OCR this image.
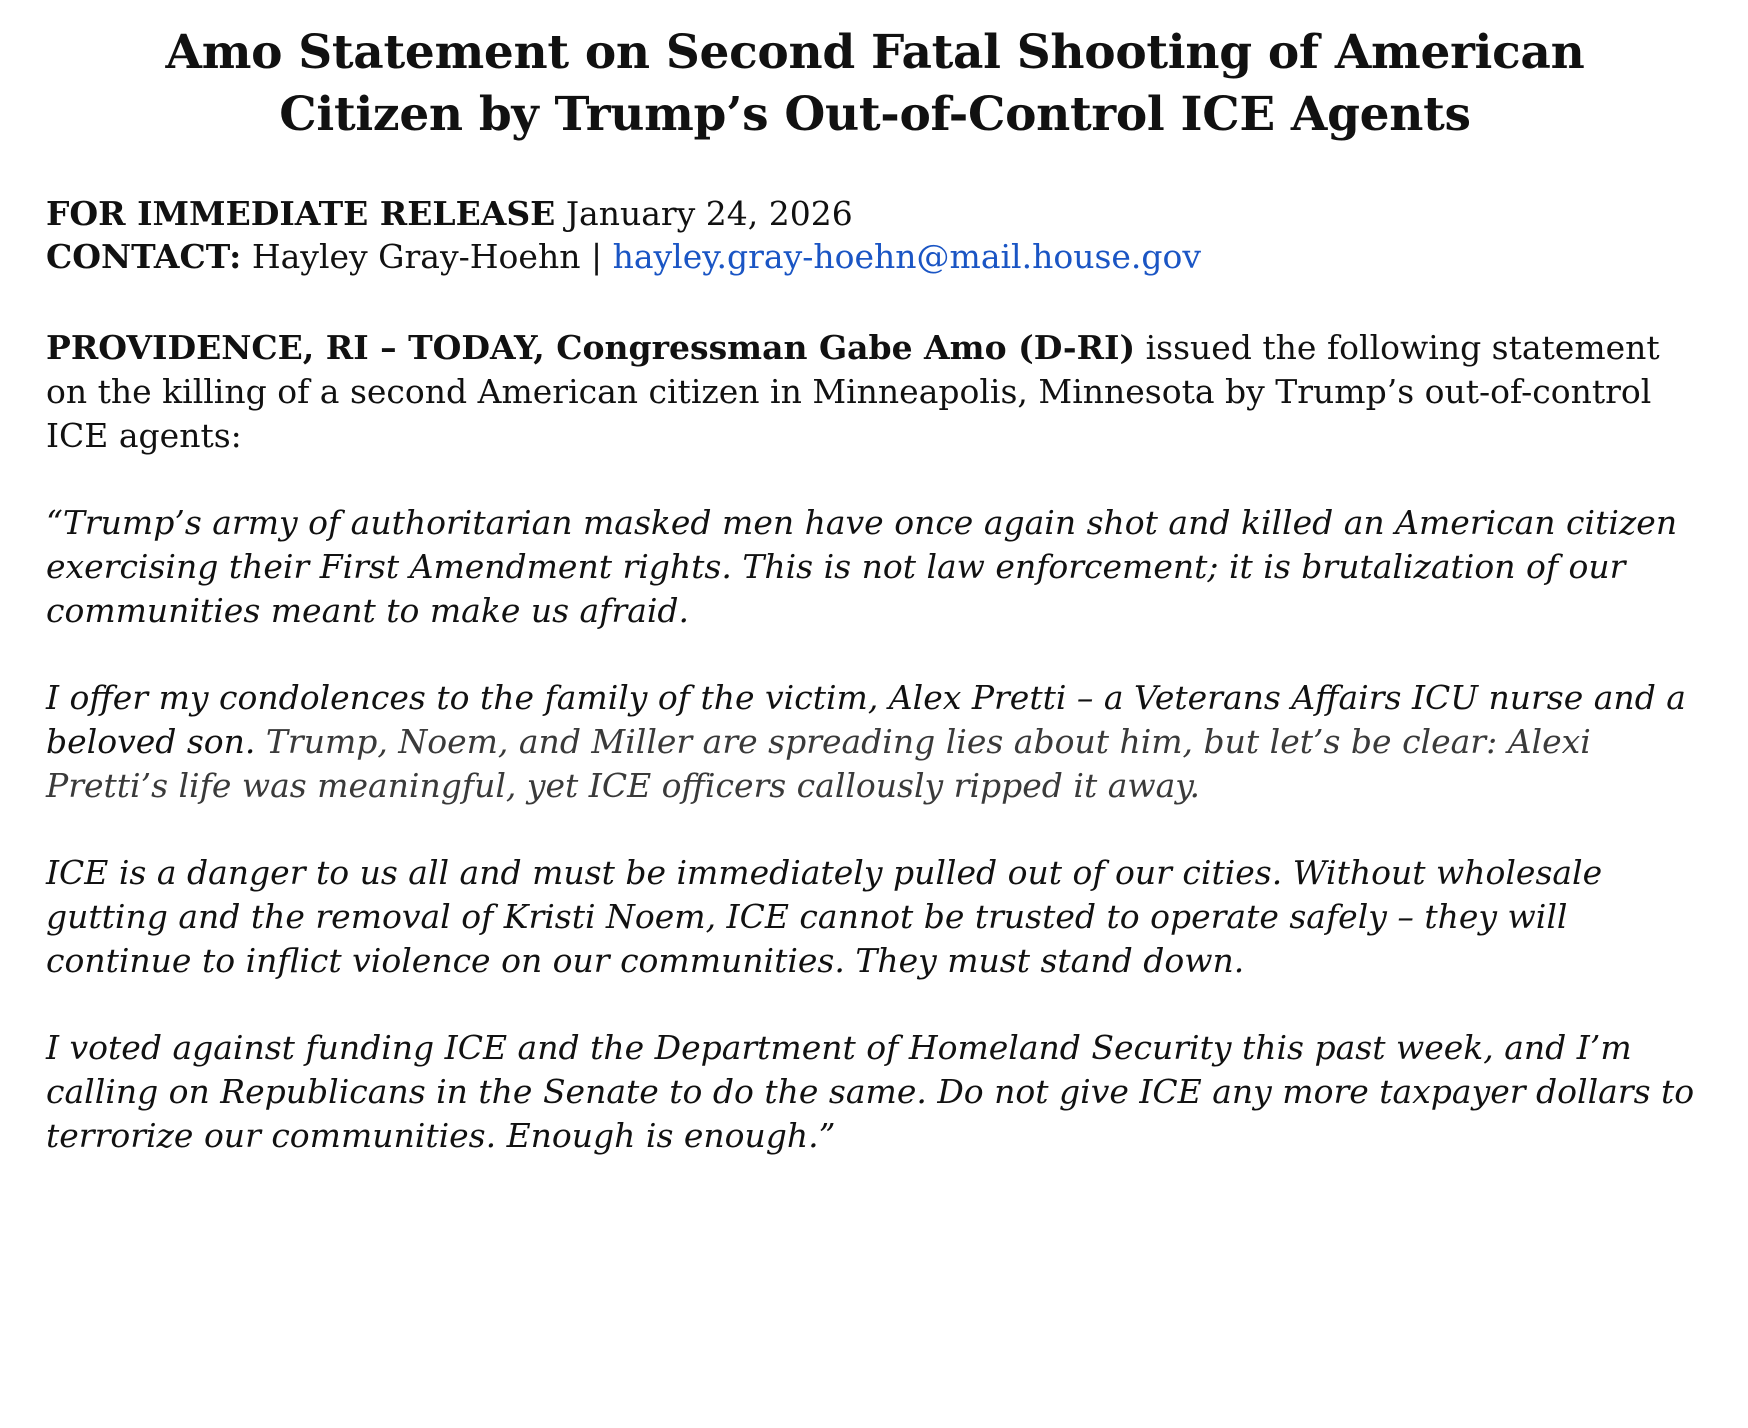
Amo Statement on Second Fatal Shooting of American Citizen by Trump’s Out-of-Control ICE Agents
FOR IMMEDIATE RELEASE January 24, 2026
CONTACT: Hayley Gray-Hoehn | hayley.gray-hoehn@mail.house.gov

PROVIDENCE, RI – TODAY, Congressman Gabe Amo (D-RI) issued the following statement on the killing of a second American citizen in Minneapolis, Minnesota by Trump’s out-of-control ICE agents:

“Trump’s army of authoritarian masked men have once again shot and killed an American citizen exercising their First Amendment rights. This is not law enforcement; it is brutalization of our communities meant to make us afraid.

I offer my condolences to the family of the victim, Alex Pretti – a Veterans Affairs ICU nurse and a beloved son. Trump, Noem, and Miller are spreading lies about him, but let’s be clear: Alexi Pretti’s life was meaningful, yet ICE officers callously ripped it away.

ICE is a danger to us all and must be immediately pulled out of our cities. Without wholesale gutting and the removal of Kristi Noem, ICE cannot be trusted to operate safely – they will continue to inflict violence on our communities. They must stand down.

I voted against funding ICE and the Department of Homeland Security this past week, and I’m calling on Republicans in the Senate to do the same. Do not give ICE any more taxpayer dollars to terrorize our communities. Enough is enough.”
